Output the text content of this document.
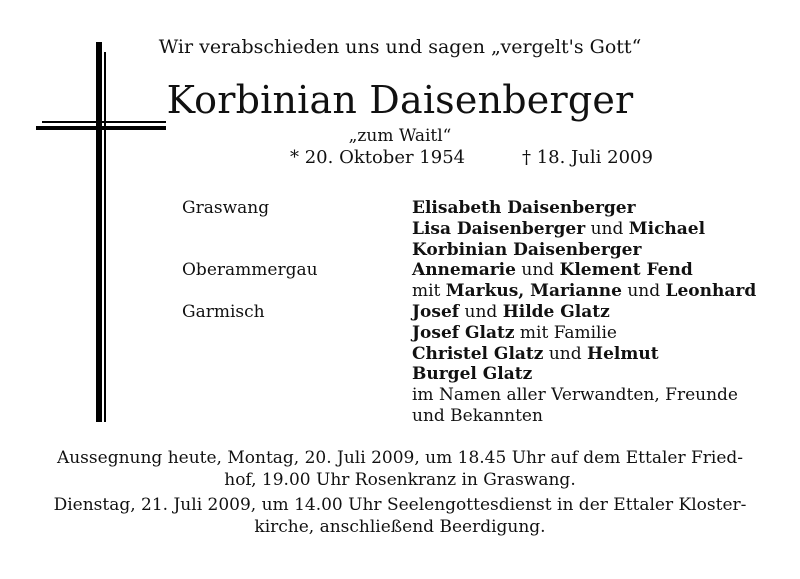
Wir verabschieden uns und sagen „vergelt's Gott“
Korbinian Daisenberger
„zum Waitl“
* 20. Oktober 1954	† 18. Juli 2009
Graswang	Elisabeth Daisenberger
Lisa Daisenberger und Michael
Korbinian Daisenberger
Oberammergau	Annemarie und Klement Fend
mit Markus, Marianne und Leonhard
Garmisch	Josef und Hilde Glatz
Josef Glatz mit Familie
Christel Glatz und Helmut
Burgel Glatz
im Namen aller Verwandten, Freunde
und Bekannten

Aussegnung heute, Montag, 20. Juli 2009, um 18.45 Uhr auf dem Ettaler Fried-

hof, 19.00 Uhr Rosenkranz in Graswang.

Dienstag, 21. Juli 2009, um 14.00 Uhr Seelengottesdienst in der Ettaler Kloster-

kirche, anschließend Beerdigung.
